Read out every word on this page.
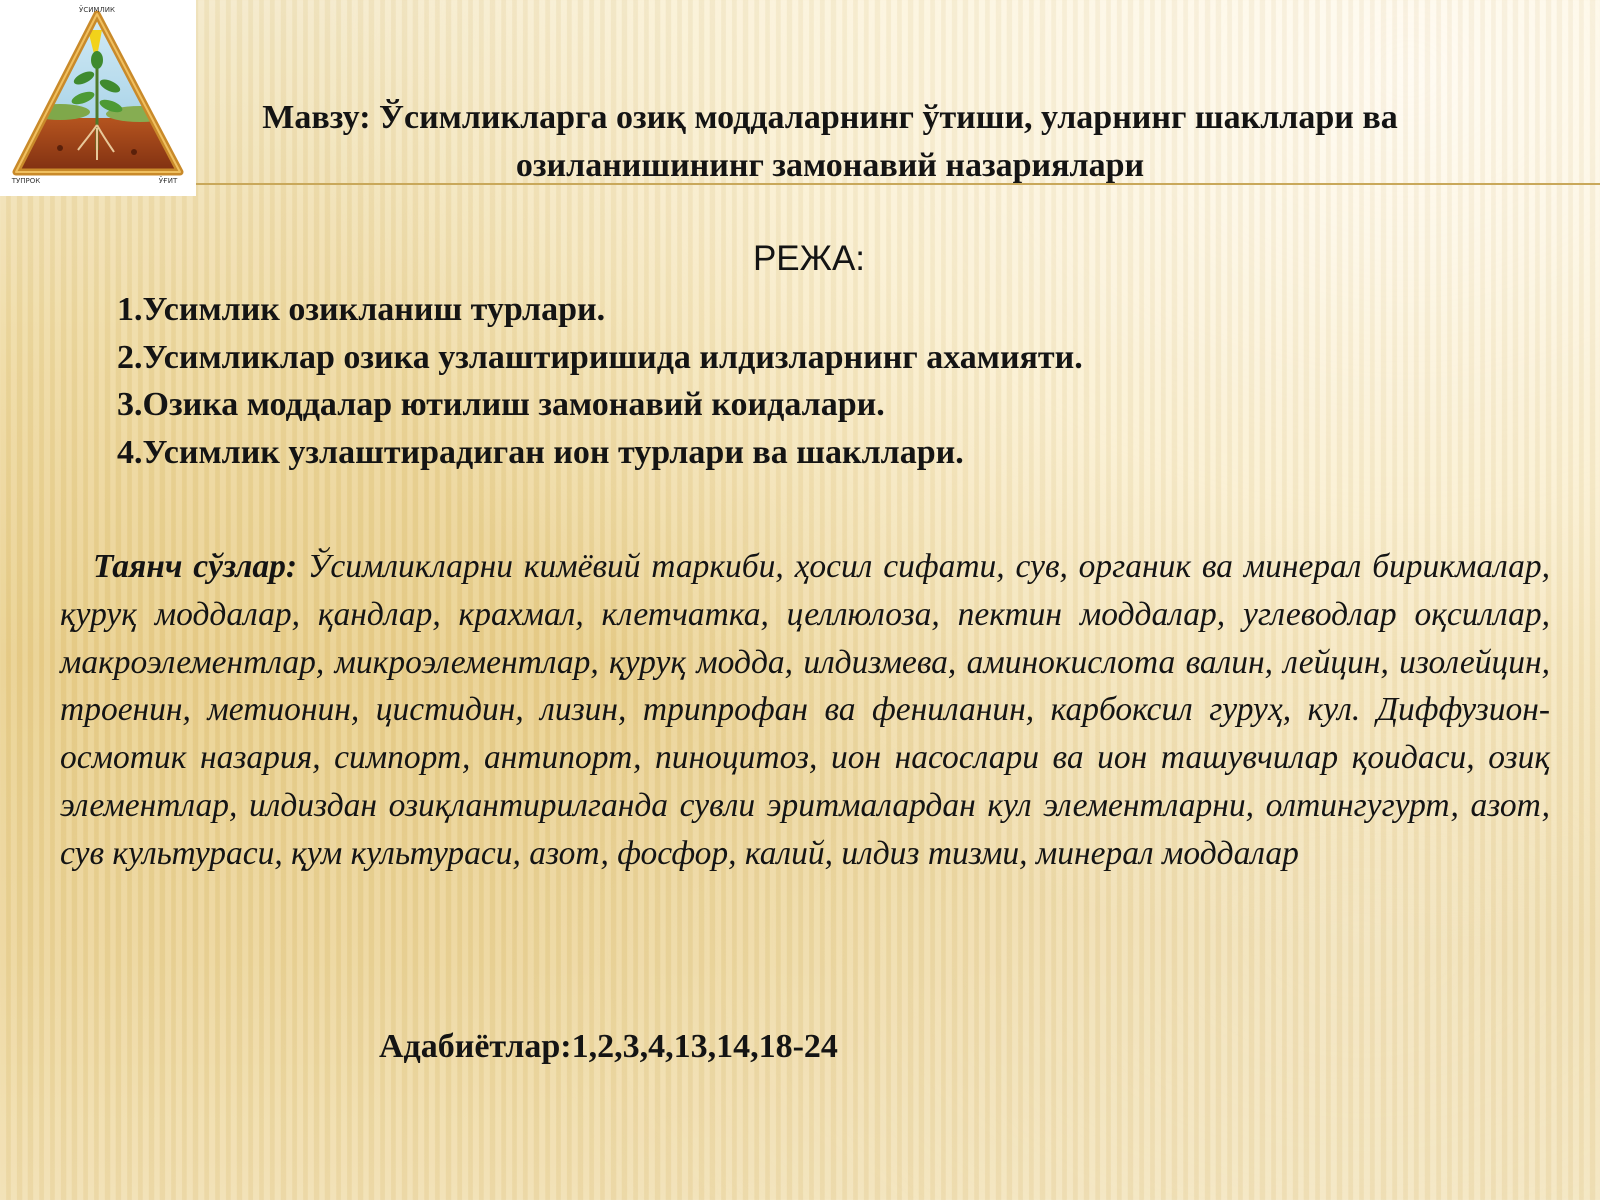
ЎСИМЛИК
ТУПРОК	ЎҒИТ
Мавзу: Ўсимликларга озиқ моддаларнинг ўтиши, уларнинг шакллари ва
озиланишининг замонавий назариялари
РЕЖА:
1.Усимлик озикланиш турлари.
2.Усимликлар озика узлаштиришида илдизларнинг ахамияти.
3.Озика моддалар ютилиш замонавий коидалари.
4.Усимлик узлаштирадиган ион турлари ва шакллари.

Таянч сўзлар: Ўсимликларни кимёвий таркиби, ҳосил сифати, сув, органик ва минерал бирикмалар, қуруқ моддалар, қандлар, крахмал, клетчатка, целлюлоза, пектин моддалар, углеводлар оқсиллар, макроэлементлар, микроэлементлар, қуруқ модда, илдизмева, аминокислота валин, лейцин, изолейцин, троенин, метионин, цистидин, лизин, трипрофан ва фениланин, карбоксил гуруҳ, кул. Диффузион-осмотик назария, симпорт, антипорт, пиноцитоз, ион насослари ва ион ташувчилар қоидаси, озиқ элементлар, илдиздан озиқлантирилганда сувли эритмалардан кул элементларни, олтингугурт, азот, сув культураси, қум культураси, азот, фосфор, калий, илдиз тизми, минерал моддалар

Адабиётлар:1,2,3,4,13,14,18-24
